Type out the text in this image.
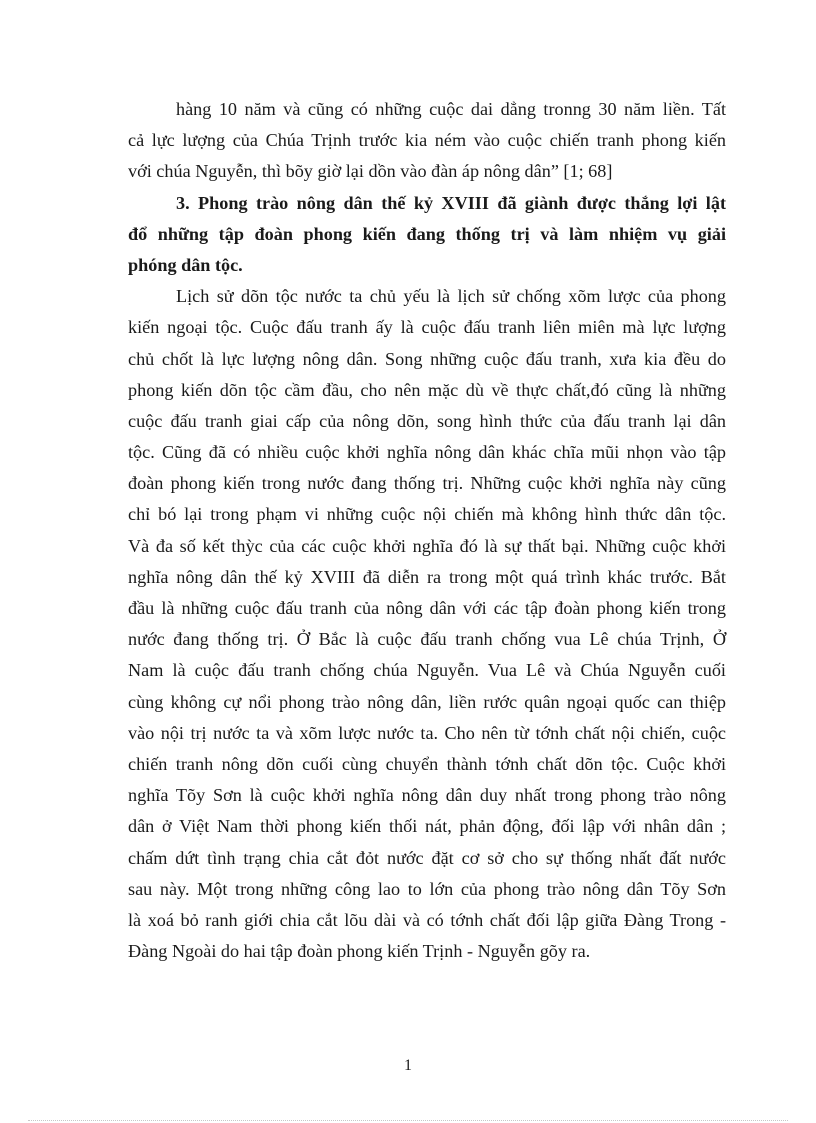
hàng 10 năm và cũng có những cuộc dai dẳng tronng 30 năm liền. Tất
cả lực lượng của Chúa Trịnh trước kia ném vào cuộc chiến tranh phong kiến
với chúa Nguyễn, thì bõy giờ lại dồn vào đàn áp nông dân” [1; 68]
3. Phong trào nông dân thế kỷ XVIII đã giành được thắng lợi lật
đổ những tập đoàn phong kiến đang thống trị và làm nhiệm vụ giải
phóng dân tộc.
Lịch sử dõn tộc nước ta chủ yếu là lịch sử chống xõm lược của phong
kiến ngoại tộc. Cuộc đấu tranh ấy là cuộc đấu tranh liên miên mà lực lượng
chủ chốt là lực lượng nông dân. Song những cuộc đấu tranh, xưa kia đều do
phong kiến dõn tộc cầm đầu, cho nên mặc dù về thực chất,đó cũng là những
cuộc đấu tranh giai cấp của nông dõn, song hình thức của đấu tranh lại dân
tộc. Cũng đã có nhiều cuộc khởi nghĩa nông dân khác chĩa mũi nhọn vào tập
đoàn phong kiến trong nước đang thống trị. Những cuộc khởi nghĩa này cũng
chỉ bó lại trong phạm vi những cuộc nội chiến mà không hình thức dân tộc.
Và đa số kết thỳc của các cuộc khởi nghĩa đó là sự thất bại. Những cuộc khởi
nghĩa nông dân thế kỷ XVIII đã diễn ra trong một quá trình khác trước. Bắt
đầu là những cuộc đấu tranh của nông dân với các tập đoàn phong kiến trong
nước đang thống trị. Ở Bắc là cuộc đấu tranh chống vua Lê chúa Trịnh, Ở
Nam là cuộc đấu tranh chống chúa Nguyễn. Vua Lê và Chúa Nguyễn cuối
cùng không cự nổi phong trào nông dân, liền rước quân ngoại quốc can thiệp
vào nội trị nước ta và xõm lược nước ta. Cho nên từ tớnh chất nội chiến, cuộc
chiến tranh nông dõn cuối cùng chuyển thành tớnh chất dõn tộc. Cuộc khởi
nghĩa Tõy Sơn là cuộc khởi nghĩa nông dân duy nhất trong phong trào nông
dân ở Việt Nam thời phong kiến thối nát, phản động, đối lập với nhân dân ;
chấm dứt tình trạng chia cắt đỏt nước đặt cơ sở cho sự thống nhất đất nước
sau này. Một trong những công lao to lớn của phong trào nông dân Tõy Sơn
là xoá bỏ ranh giới chia cắt lõu dài và có tớnh chất đối lập giữa Đàng Trong -
Đàng Ngoài do hai tập đoàn phong kiến Trịnh - Nguyễn gõy ra.
1
